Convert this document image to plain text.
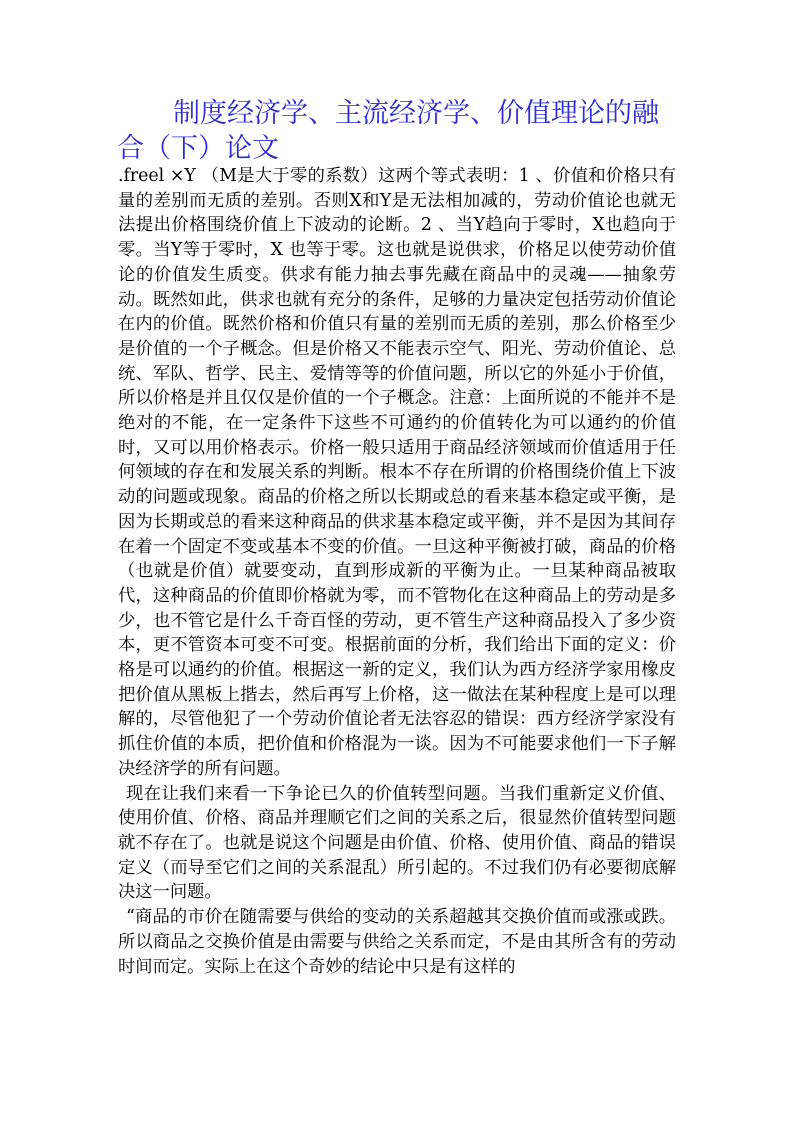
制度经济学、主流经济学、价值理论的融合（下）论文

.freel ×Y （M是大于零的系数）这两个等式表明：1 、价值和价格只有量的差别而无质的差别。否则X和Y是无法相加减的，劳动价值论也就无法提出价格围绕价值上下波动的论断。2 、当Y趋向于零时，X也趋向于零。当Y等于零时，X 也等于零。这也就是说供求，价格足以使劳动价值论的价值发生质变。供求有能力抽去事先藏在商品中的灵魂——抽象劳动。既然如此，供求也就有充分的条件，足够的力量决定包括劳动价值论在内的价值。既然价格和价值只有量的差别而无质的差别，那么价格至少是价值的一个子概念。但是价格又不能表示空气、阳光、劳动价值论、总统、军队、哲学、民主、爱情等等的价值问题，所以它的外延小于价值，所以价格是并且仅仅是价值的一个子概念。注意：上面所说的不能并不是绝对的不能，在一定条件下这些不可通约的价值转化为可以通约的价值时，又可以用价格表示。价格一般只适用于商品经济领域而价值适用于任何领域的存在和发展关系的判断。根本不存在所谓的价格围绕价值上下波动的问题或现象。商品的价格之所以长期或总的看来基本稳定或平衡，是因为长期或总的看来这种商品的供求基本稳定或平衡，并不是因为其间存在着一个固定不变或基本不变的价值。一旦这种平衡被打破，商品的价格（也就是价值）就要变动，直到形成新的平衡为止。一旦某种商品被取代，这种商品的价值即价格就为零，而不管物化在这种商品上的劳动是多少，也不管它是什么千奇百怪的劳动，更不管生产这种商品投入了多少资本，更不管资本可变不可变。根据前面的分析，我们给出下面的定义：价格是可以通约的价值。根据这一新的定义，我们认为西方经济学家用橡皮把价值从黑板上揩去，然后再写上价格，这一做法在某种程度上是可以理解的，尽管他犯了一个劳动价值论者无法容忍的错误：西方经济学家没有抓住价值的本质，把价值和价格混为一谈。因为不可能要求他们一下子解决经济学的所有问题。

现在让我们来看一下争论已久的价值转型问题。当我们重新定义价值、使用价值、价格、商品并理顺它们之间的关系之后，很显然价值转型问题就不存在了。也就是说这个问题是由价值、价格、使用价值、商品的错误定义（而导至它们之间的关系混乱）所引起的。不过我们仍有必要彻底解决这一问题。

“商品的市价在随需要与供给的变动的关系超越其交换价值而或涨或跌。所以商品之交换价值是由需要与供给之关系而定，不是由其所含有的劳动时间而定。实际上在这个奇妙的结论中只是有这样的
